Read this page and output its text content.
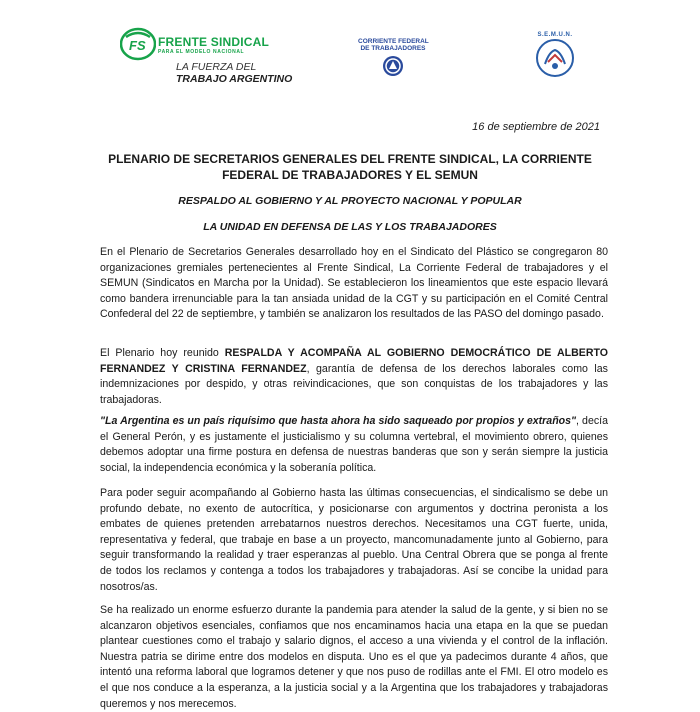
FS FRENTE SINDICAL
PARA EL MODELO NACIONAL
LA FUERZA DEL
TRABAJO ARGENTINO
CORRIENTE FEDERAL
DE TRABAJADORES
S.E.M.U.N.
16 de septiembre de 2021
PLENARIO DE SECRETARIOS GENERALES DEL FRENTE SINDICAL, LA CORRIENTE FEDERAL DE TRABAJADORES Y EL SEMUN
RESPALDO AL GOBIERNO Y AL PROYECTO NACIONAL Y POPULAR
LA UNIDAD EN DEFENSA DE LAS Y LOS TRABAJADORES
En el Plenario de Secretarios Generales desarrollado hoy en el Sindicato del Plástico se congregaron 80 organizaciones gremiales pertenecientes al Frente Sindical, La Corriente Federal de trabajadores y el SEMUN (Sindicatos en Marcha por la Unidad). Se establecieron los lineamientos que este espacio llevará como bandera irrenunciable para la tan ansiada unidad de la CGT y su participación en el Comité Central Confederal del 22 de septiembre, y también se analizaron los resultados de las PASO del domingo pasado.
El Plenario hoy reunido RESPALDA Y ACOMPAÑA AL GOBIERNO DEMOCRÁTICO DE ALBERTO FERNANDEZ Y CRISTINA FERNANDEZ, garantía de defensa de los derechos laborales como las indemnizaciones por despido, y otras reivindicaciones, que son conquistas de los trabajadores y las trabajadoras.
"La Argentina es un país riquísimo que hasta ahora ha sido saqueado por propios y extraños", decía el General Perón, y es justamente el justicialismo y su columna vertebral, el movimiento obrero, quienes debemos adoptar una firme postura en defensa de nuestras banderas que son y serán siempre la justicia social, la independencia económica y la soberanía política.
Para poder seguir acompañando al Gobierno hasta las últimas consecuencias, el sindicalismo se debe un profundo debate, no exento de autocrítica, y posicionarse con argumentos y doctrina peronista a los embates de quienes pretenden arrebatarnos nuestros derechos. Necesitamos una CGT fuerte, unida, representativa y federal, que trabaje en base a un proyecto, mancomunadamente junto al Gobierno, para seguir transformando la realidad y traer esperanzas al pueblo. Una Central Obrera que se ponga al frente de todos los reclamos y contenga a todos los trabajadores y trabajadoras. Así se concibe la unidad para nosotros/as.
Se ha realizado un enorme esfuerzo durante la pandemia para atender la salud de la gente, y si bien no se alcanzaron objetivos esenciales, confiamos que nos encaminamos hacia una etapa en la que se puedan plantear cuestiones como el trabajo y salario dignos, el acceso a una vivienda y el control de la inflación. Nuestra patria se dirime entre dos modelos en disputa. Uno es el que ya padecimos durante 4 años, que intentó una reforma laboral que logramos detener y que nos puso de rodillas ante el FMI. El otro modelo es el que nos conduce a la esperanza, a la justicia social y a la Argentina que los trabajadores y trabajadoras queremos y nos merecemos.
